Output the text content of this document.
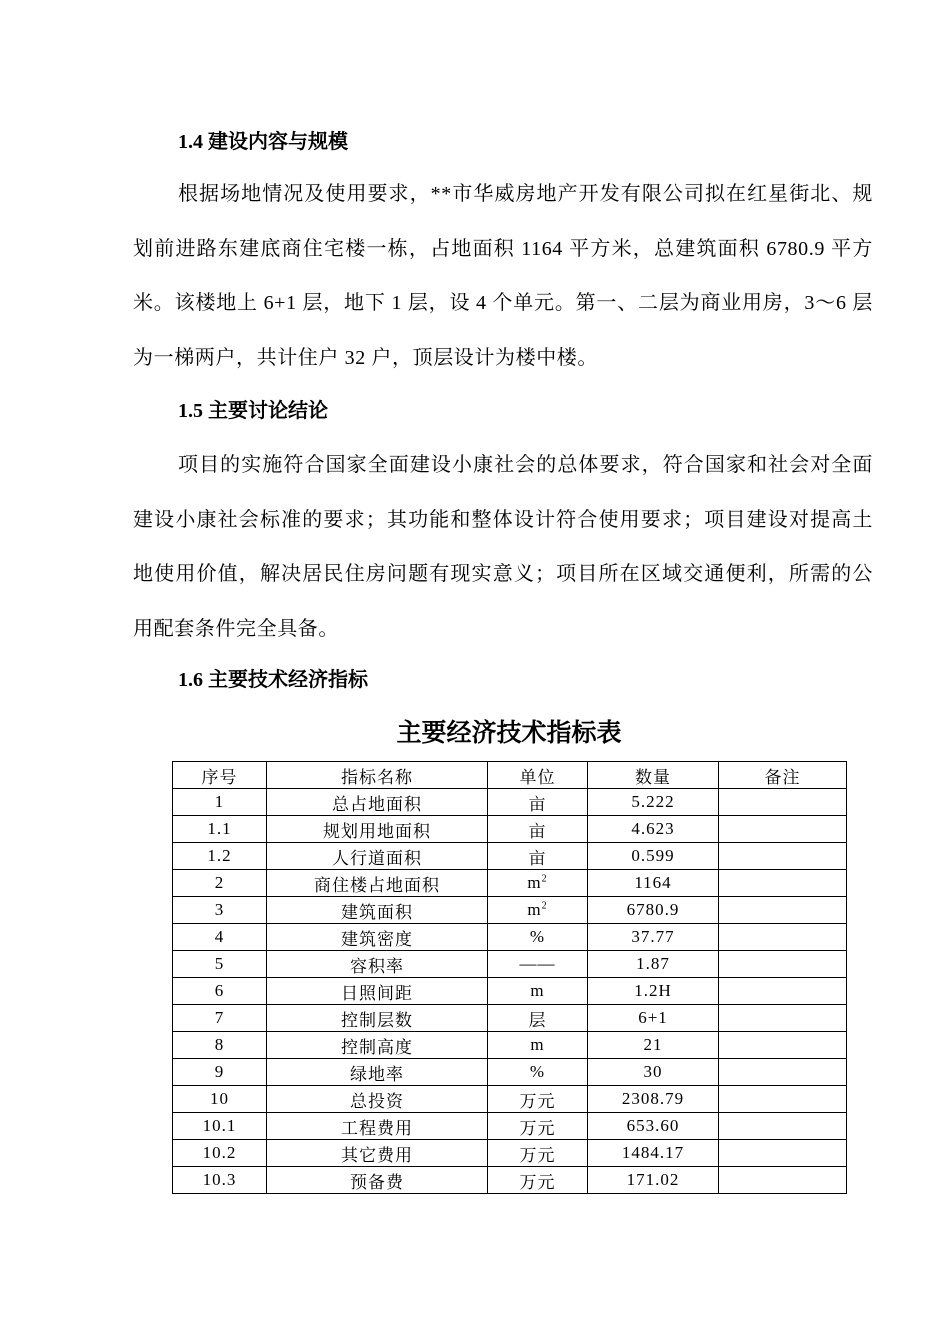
1.4 建设内容与规模
根据场地情况及使用要求，**市华威房地产开发有限公司拟在红星街北、规划前进路东建底商住宅楼一栋，占地面积 1164 平方米，总建筑面积 6780.9 平方米。该楼地上 6+1 层，地下 1 层，设 4 个单元。第一、二层为商业用房，3～6 层为一梯两户，共计住户 32 户，顶层设计为楼中楼。
1.5 主要讨论结论
项目的实施符合国家全面建设小康社会的总体要求，符合国家和社会对全面建设小康社会标准的要求；其功能和整体设计符合使用要求；项目建设对提高土地使用价值，解决居民住房问题有现实意义；项目所在区域交通便利，所需的公用配套条件完全具备。
1.6 主要技术经济指标
主要经济技术指标表
序号	指标名称	单位	数量	备注
1	总占地面积	亩	5.222	
1.1	规划用地面积	亩	4.623	
1.2	人行道面积	亩	0.599	
2	商住楼占地面积	$m^2$	1164	
3	建筑面积	$m^2$	6780.9	
4	建筑密度	%	37.77	
5	容积率	——	1.87	
6	日照间距	m	1.2H	
7	控制层数	层	6+1	
8	控制高度	m	21	
9	绿地率	%	30	
10	总投资	万元	2308.79	
10.1	工程费用	万元	653.60	
10.2	其它费用	万元	1484.17	
10.3	预备费	万元	171.02	
